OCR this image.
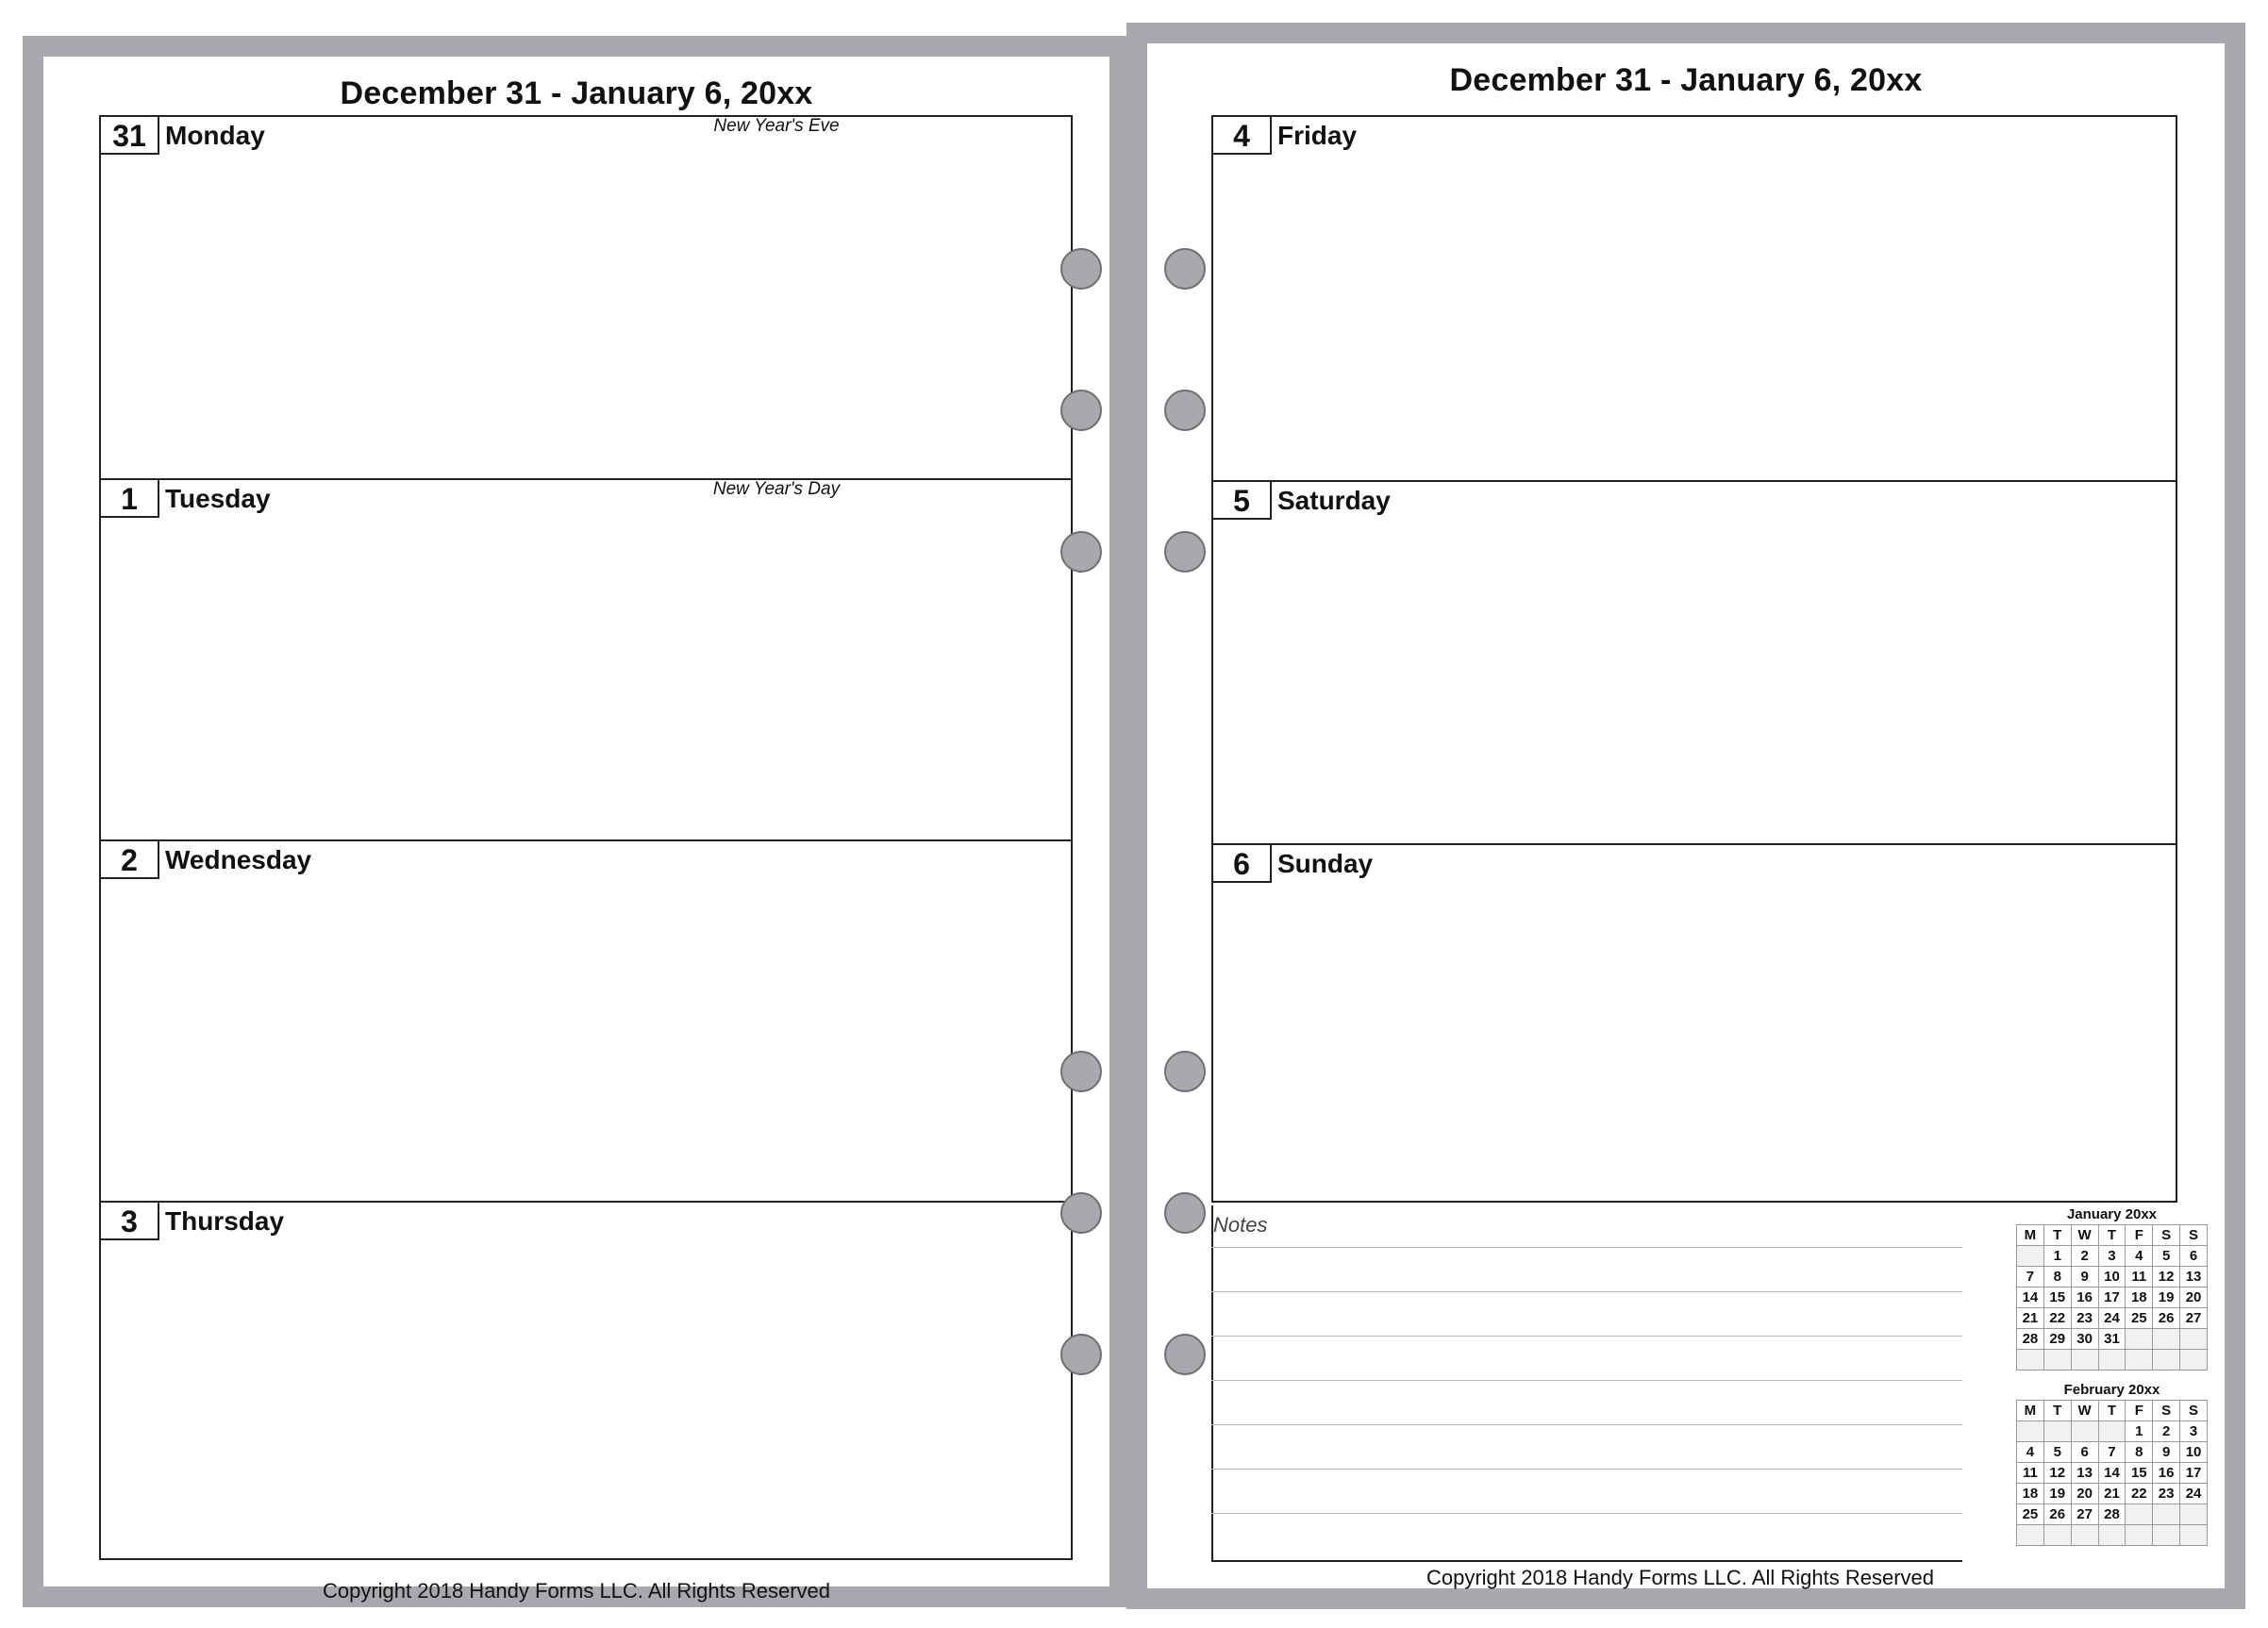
December 31 - January 6, 20xx
31 Monday	New Year's Eve
1	Tuesday	New Year's Day
2	Wednesday
3	Thursday
Copyright 2018 Handy Forms LLC. All Rights Reserved
December 31 - January 6, 20xx
4	Friday
5	Saturday
6	Sunday
Notes	January 20xx
M	T	W	T	F	S	S
	1	2	3	4	5	6
7	8	9	10	11	12	13
14	15	16	17	18	19	20
21	22	23	24	25	26	27
28	29	30	31			

February 20xx
M	T	W	T	F	S	S
				1	2	3
4	5	6	7	8	9	10
11	12	13	14	15	16	17
18	19	20	21	22	23	24
25	26	27	28			

Copyright 2018 Handy Forms LLC. All Rights Reserved
